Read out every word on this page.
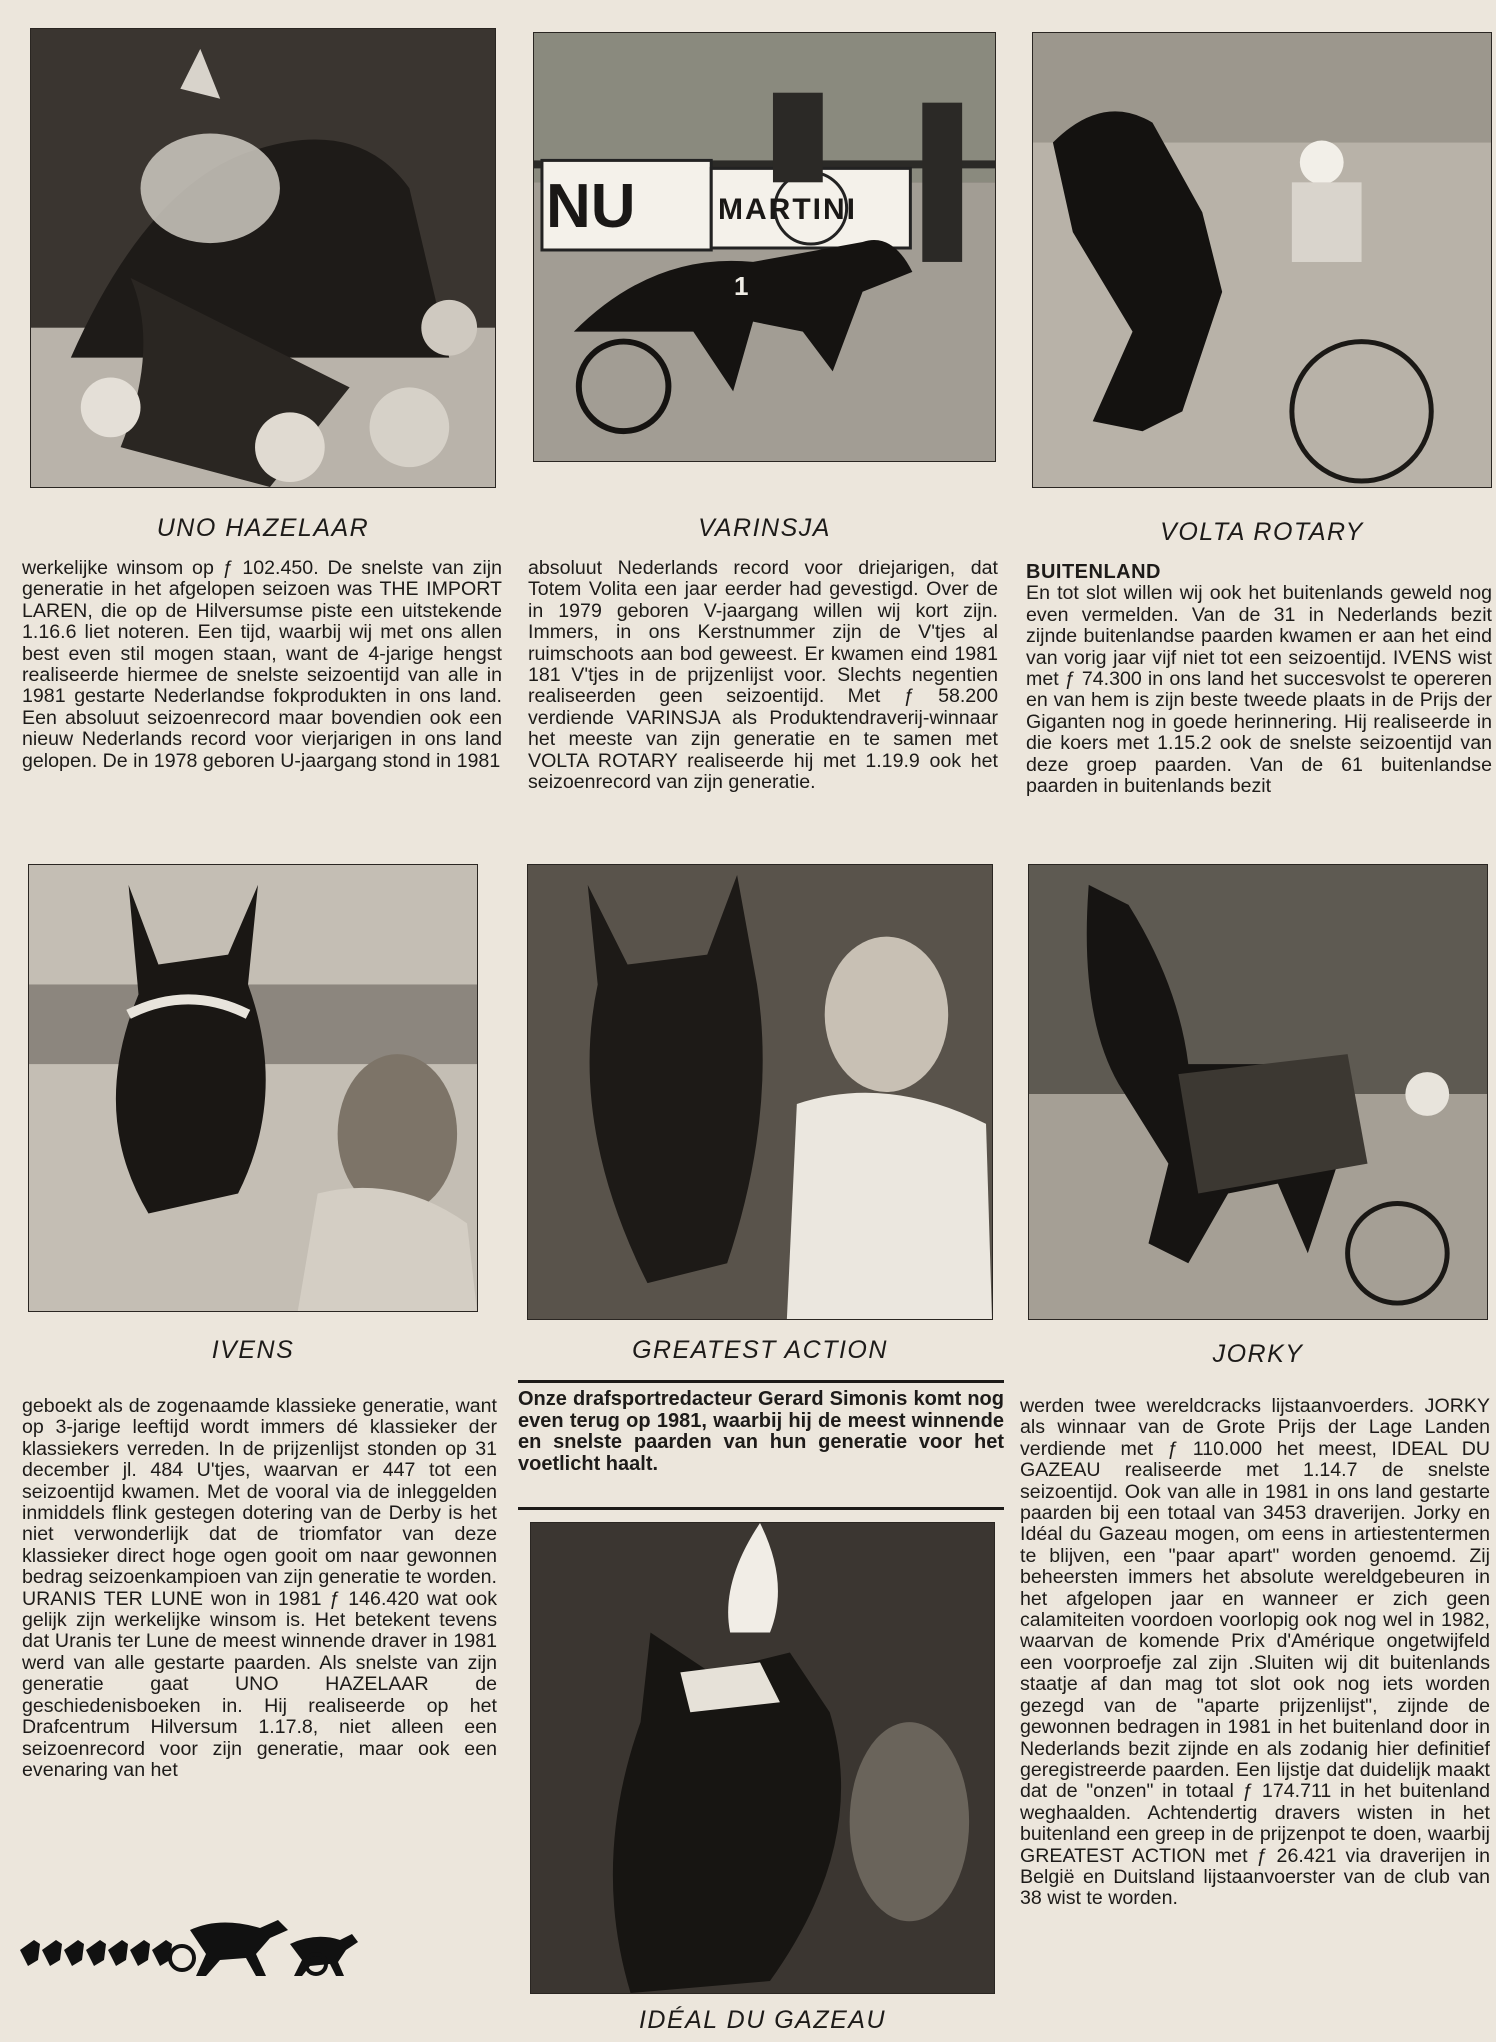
NU	MARTINI
1
UNO HAZELAAR	VARINSJA	VOLTA ROTARY
werkelijke winsom op ƒ 102.450. De snelste van zijn generatie in het afgelopen seizoen was THE IMPORT LAREN, die op de Hilversumse piste een uitstekende 1.16.6 liet noteren. Een tijd, waarbij wij met ons allen best even stil mogen staan, want de 4-jarige hengst realiseerde hiermee de snelste seizoentijd van alle in 1981 gestarte Nederlandse fokprodukten in ons land. Een absoluut seizoenrecord maar bovendien ook een nieuw Nederlands record voor vierjarigen in ons land gelopen. De in 1978 geboren U-jaargang stond in 1981
absoluut Nederlands record voor driejarigen, dat Totem Volita een jaar eerder had gevestigd. Over de in 1979 geboren V-jaargang willen wij kort zijn. Immers, in ons Kerstnummer zijn de V'tjes al ruimschoots aan bod geweest. Er kwamen eind 1981 181 V'tjes in de prijzenlijst voor. Slechts negentien realiseerden geen seizoentijd. Met ƒ 58.200 verdiende VARINSJA als Produktendraverij-winnaar het meeste van zijn generatie en te samen met VOLTA ROTARY realiseerde hij met 1.19.9 ook het seizoenrecord van zijn generatie.
BUITENLAND
En tot slot willen wij ook het buitenlands geweld nog even vermelden. Van de 31 in Nederlands bezit zijnde buitenlandse paarden kwamen er aan het eind van vorig jaar vijf niet tot een seizoentijd. IVENS wist met ƒ 74.300 in ons land het succesvolst te opereren en van hem is zijn beste tweede plaats in de Prijs der Giganten nog in goede herinnering. Hij realiseerde in die koers met 1.15.2 ook de snelste seizoentijd van deze groep paarden. Van de 61 buitenlandse paarden in buitenlands bezit
IVENS	GREATEST ACTION	JORKY
geboekt als de zogenaamde klassieke generatie, want op 3-jarige leeftijd wordt immers dé klassieker der klassiekers verreden. In de prijzenlijst stonden op 31 december jl. 484 U'tjes, waarvan er 447 tot een seizoentijd kwamen. Met de vooral via de inleggelden inmiddels flink gestegen dotering van de Derby is het niet verwonderlijk dat de triomfator van deze klassieker direct hoge ogen gooit om naar gewonnen bedrag seizoenkampioen van zijn generatie te worden. URANIS TER LUNE won in 1981 ƒ 146.420 wat ook gelijk zijn werkelijke winsom is. Het betekent tevens dat Uranis ter Lune de meest winnende draver in 1981 werd van alle gestarte paarden. Als snelste van zijn generatie gaat UNO HAZELAAR de geschiedenisboeken in. Hij realiseerde op het Drafcentrum Hilversum 1.17.8, niet alleen een seizoenrecord voor zijn generatie, maar ook een evenaring van het
Onze drafsportredacteur Gerard Simonis komt nog even terug op 1981, waarbij hij de meest winnende en snelste paarden van hun generatie voor het voetlicht haalt.
werden twee wereldcracks lijstaanvoerders. JORKY als winnaar van de Grote Prijs der Lage Landen verdiende met ƒ 110.000 het meest, IDEAL DU GAZEAU realiseerde met 1.14.7 de snelste seizoentijd. Ook van alle in 1981 in ons land gestarte paarden bij een totaal van 3453 draverijen. Jorky en Idéal du Gazeau mogen, om eens in artiestentermen te blijven, een "paar apart" worden genoemd. Zij beheersten immers het absolute wereldgebeuren in het afgelopen jaar en wanneer er zich geen calamiteiten voordoen voorlopig ook nog wel in 1982, waarvan de komende Prix d'Amérique ongetwijfeld een voorproefje zal zijn .Sluiten wij dit buitenlands staatje af dan mag tot slot ook nog iets worden gezegd van de "aparte prijzenlijst", zijnde de gewonnen bedragen in 1981 in het buitenland door in Nederlands bezit zijnde en als zodanig hier definitief geregistreerde paarden. Een lijstje dat duidelijk maakt dat de "onzen" in totaal ƒ 174.711 in het buitenland weghaalden. Achtendertig dravers wisten in het buitenland een greep in de prijzenpot te doen, waarbij GREATEST ACTION met ƒ 26.421 via draverijen in België en Duitsland lijstaanvoerster van de club van 38 wist te worden.
IDÉAL DU GAZEAU
